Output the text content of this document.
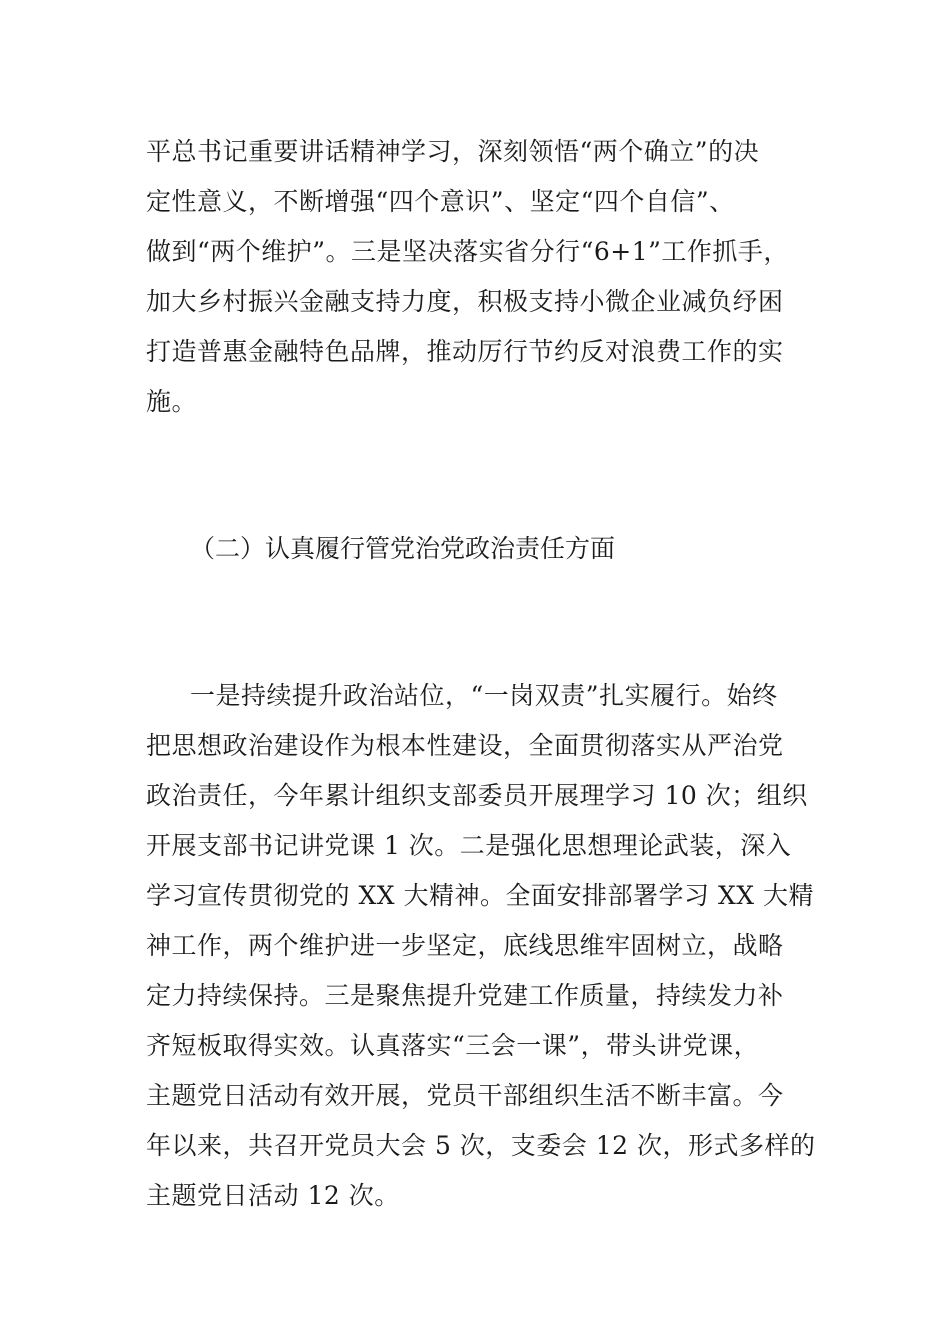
平总书记重要讲话精神学习，深刻领悟“两个确立”的决
定性意义，不断增强“四个意识”、坚定“四个自信”、
做到“两个维护”。三是坚决落实省分行“6+1”工作抓手，
加大乡村振兴金融支持力度，积极支持小微企业减负纾困
打造普惠金融特色品牌，推动厉行节约反对浪费工作的实
施。
（二）认真履行管党治党政治责任方面
一是持续提升政治站位，“一岗双责”扎实履行。始终
把思想政治建设作为根本性建设，全面贯彻落实从严治党
政治责任，今年累计组织支部委员开展理学习 10 次；组织
开展支部书记讲党课 1 次。二是强化思想理论武装，深入
学习宣传贯彻党的 XX 大精神。全面安排部署学习 XX 大精
神工作，两个维护进一步坚定，底线思维牢固树立，战略
定力持续保持。三是聚焦提升党建工作质量，持续发力补
齐短板取得实效。认真落实“三会一课”，带头讲党课，
主题党日活动有效开展，党员干部组织生活不断丰富。今
年以来，共召开党员大会 5 次，支委会 12 次，形式多样的
主题党日活动 12 次。
